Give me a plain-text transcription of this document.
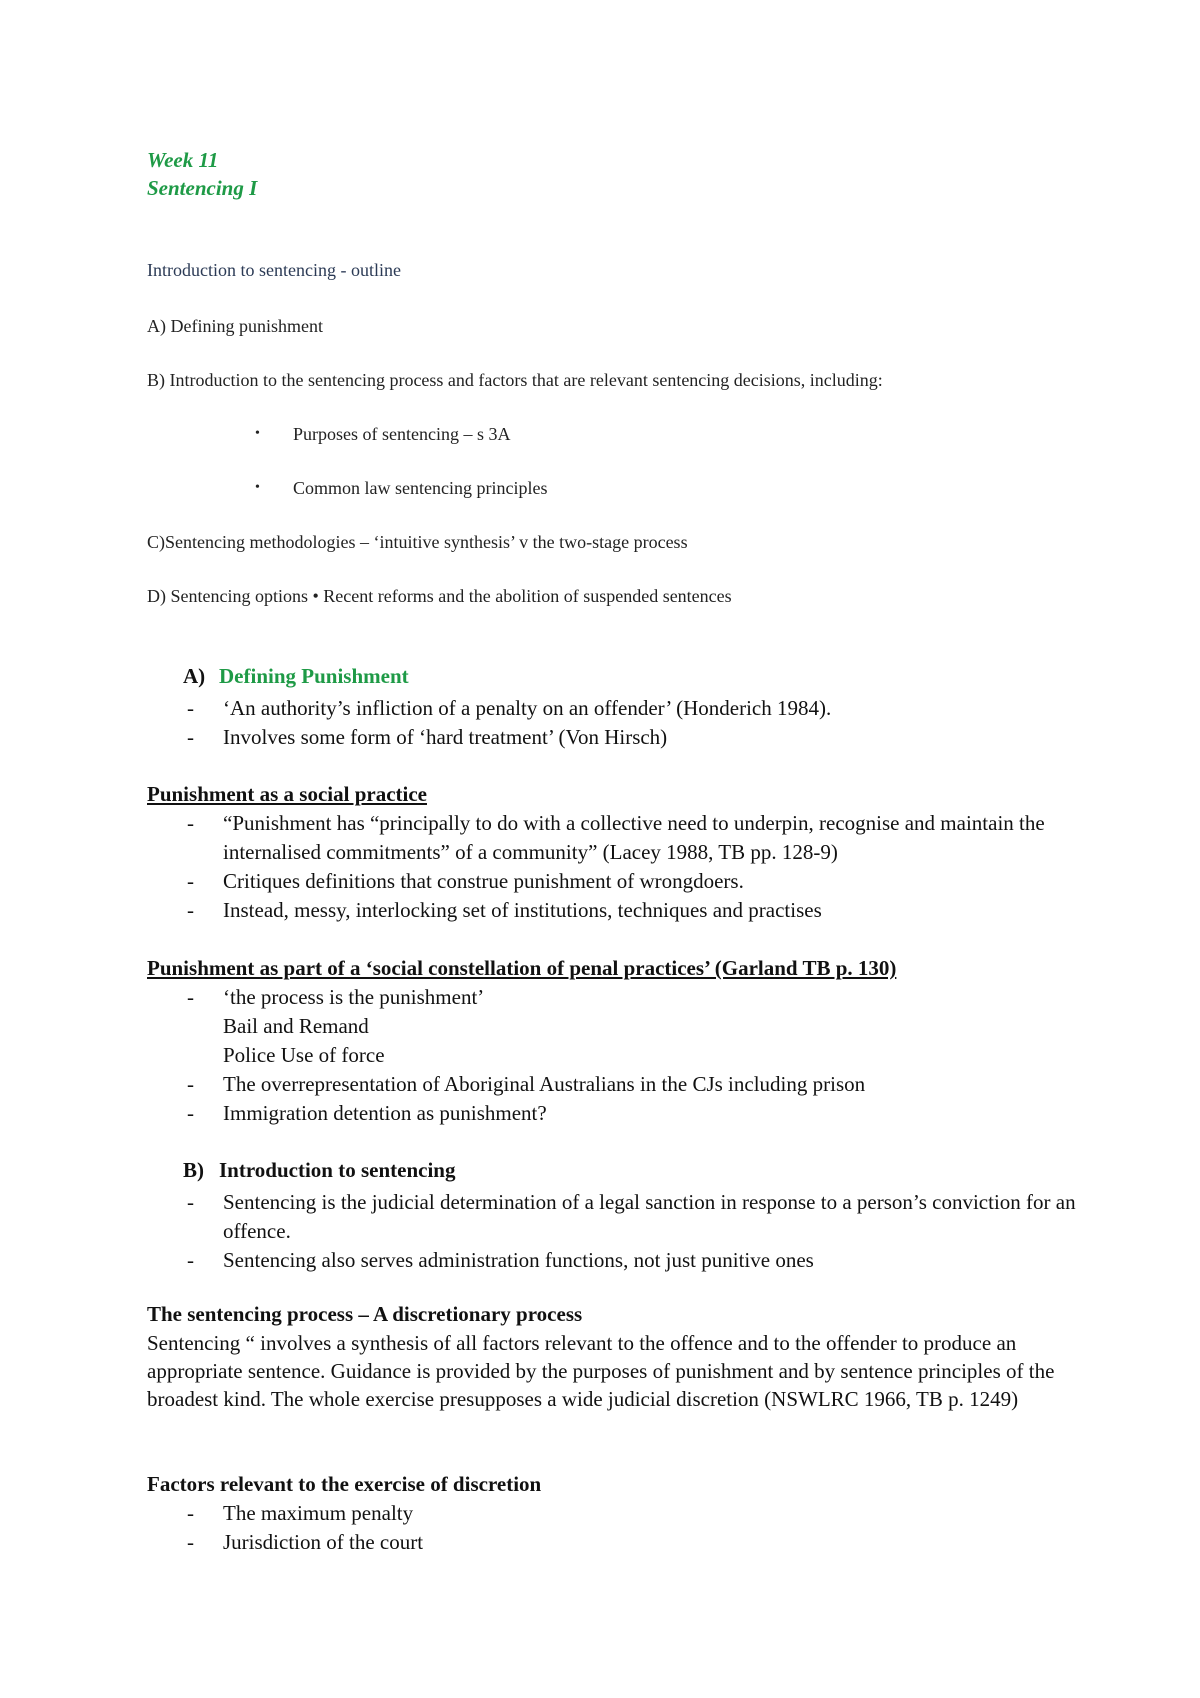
Week 11

Sentencing I

Introduction to sentencing - outline

A) Defining punishment

B) Introduction to the sentencing process and factors that are relevant sentencing decisions, including:

•	Purposes of sentencing – s 3A
•	Common law sentencing principles

C)Sentencing methodologies – ‘intuitive synthesis’ v the two-stage process

D) Sentencing options • Recent reforms and the abolition of suspended sentences

A) Defining Punishment

-	‘An authority’s infliction of a penalty on an offender’ (Honderich 1984).
-	Involves some form of ‘hard treatment’ (Von Hirsch)

Punishment as a social practice

-	“Punishment has “principally to do with a collective need to underpin, recognise and maintain the internalised commitments” of a community” (Lacey 1988, TB pp. 128-9)
-	Critiques definitions that construe punishment of wrongdoers.
-	Instead, messy, interlocking set of institutions, techniques and practises

Punishment as part of a ‘social constellation of penal practices’ (Garland TB p. 130)

-	‘the process is the punishment’
Bail and Remand
Police Use of force
-	The overrepresentation of Aboriginal Australians in the CJs including prison
-	Immigration detention as punishment?

B) Introduction to sentencing

-	Sentencing is the judicial determination of a legal sanction in response to a person’s conviction for an offence.
-	Sentencing also serves administration functions, not just punitive ones

The sentencing process – A discretionary process

Sentencing “ involves a synthesis of all factors relevant to the offence and to the offender to produce an appropriate sentence. Guidance is provided by the purposes of punishment and by sentence principles of the broadest kind. The whole exercise presupposes a wide judicial discretion (NSWLRC 1966, TB p. 1249)

Factors relevant to the exercise of discretion

-	The maximum penalty
-	Jurisdiction of the court
